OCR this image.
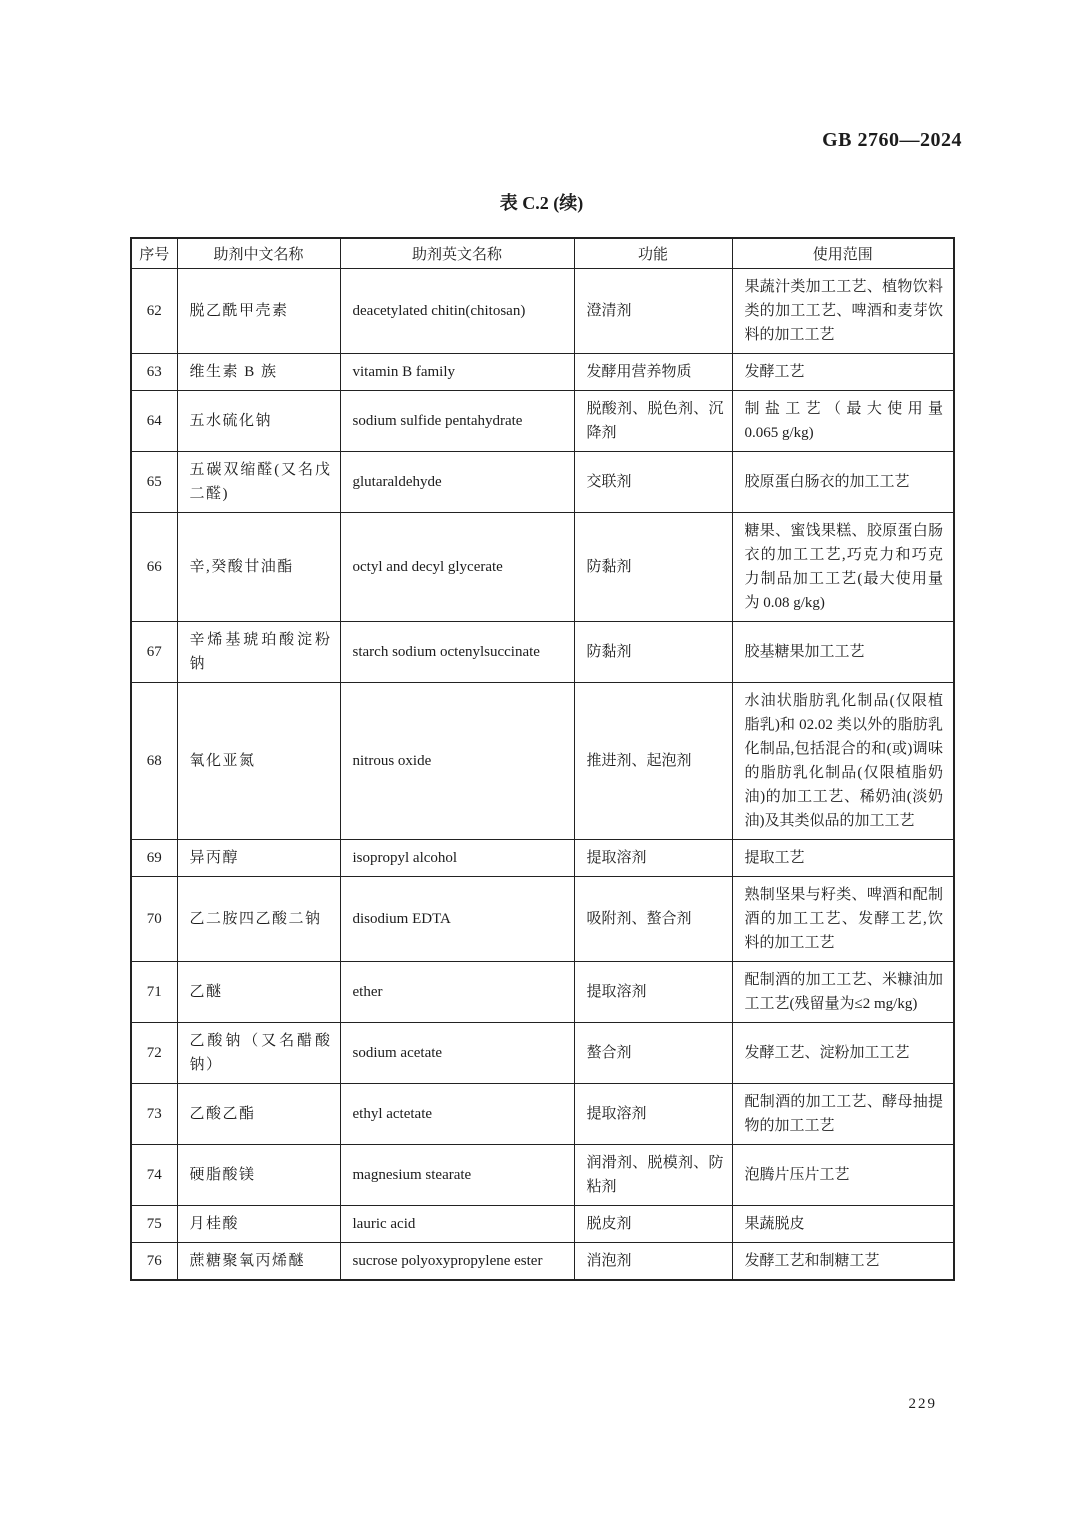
GB 2760—2024
表 C.2 (续)
序号	助剂中文名称	助剂英文名称	功能	使用范围
62	脱乙酰甲壳素	deacetylated chitin(chitosan)	澄清剂	果蔬汁类加工工艺、植物饮料类的加工工艺、啤酒和麦芽饮料的加工工艺
63	维生素 B 族	vitamin B family	发酵用营养物质	发酵工艺
64	五水硫化钠	sodium sulfide pentahydrate	脱酸剂、脱色剂、沉降剂	制盐工艺（最大使用量 0.065 g/kg)
65	五碳双缩醛(又名戊二醛)	glutaraldehyde	交联剂	胶原蛋白肠衣的加工工艺
66	辛,癸酸甘油酯	octyl and decyl glycerate	防黏剂	糖果、蜜饯果糕、胶原蛋白肠衣的加工工艺,巧克力和巧克力制品加工工艺(最大使用量为 0.08 g/kg)
67	辛烯基琥珀酸淀粉钠	starch sodium octenylsuccinate	防黏剂	胶基糖果加工工艺
68	氧化亚氮	nitrous oxide	推进剂、起泡剂	水油状脂肪乳化制品(仅限植脂乳)和 02.02 类以外的脂肪乳化制品,包括混合的和(或)调味的脂肪乳化制品(仅限植脂奶油)的加工工艺、稀奶油(淡奶油)及其类似品的加工工艺
69	异丙醇	isopropyl alcohol	提取溶剂	提取工艺
70	乙二胺四乙酸二钠	disodium EDTA	吸附剂、螯合剂	熟制坚果与籽类、啤酒和配制酒的加工工艺、发酵工艺,饮料的加工工艺
71	乙醚	ether	提取溶剂	配制酒的加工工艺、米糠油加工工艺(残留量为≤2 mg/kg)
72	乙酸钠（又名醋酸钠）	sodium acetate	螯合剂	发酵工艺、淀粉加工工艺
73	乙酸乙酯	ethyl actetate	提取溶剂	配制酒的加工工艺、酵母抽提物的加工工艺
74	硬脂酸镁	magnesium stearate	润滑剂、脱模剂、防粘剂	泡腾片压片工艺
75	月桂酸	lauric acid	脱皮剂	果蔬脱皮
76	蔗糖聚氧丙烯醚	sucrose polyoxypropylene ester	消泡剂	发酵工艺和制糖工艺
229
